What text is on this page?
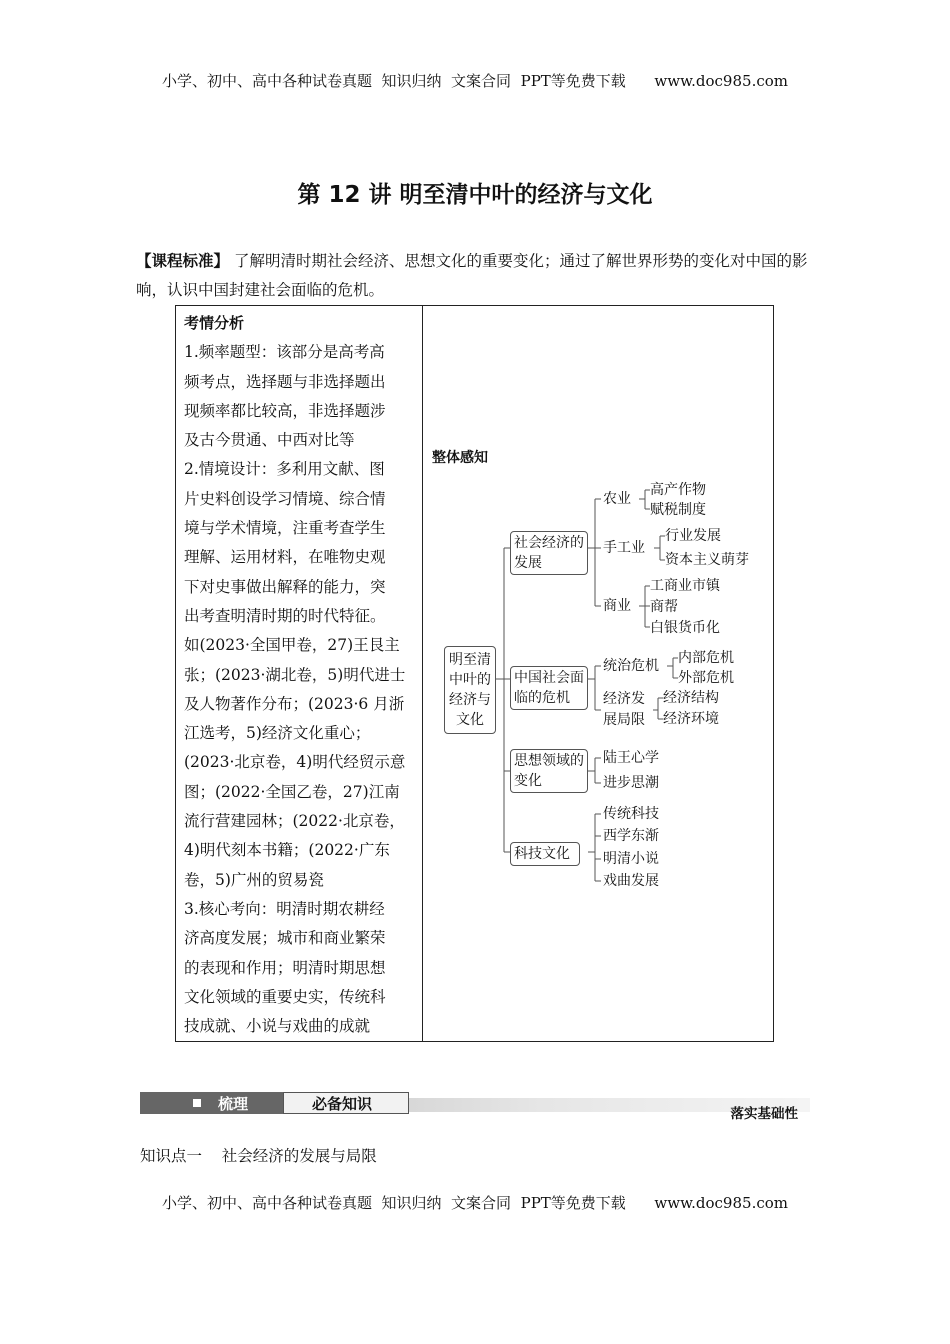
小学、初中、高中各种试卷真题  知识归纳  文案合同  PPT等免费下载      www.doc985.com
第 12 讲 明至清中叶的经济与文化
【课程标准】 了解明清时期社会经济、思想文化的重要变化；通过了解世界形势的变化对中国的影响，认识中国封建社会面临的危机。

考情分析

1.频率题型：该部分是高考高

频考点，选择题与非选择题出

现频率都比较高，非选择题涉

及古今贯通、中西对比等

2.情境设计：多利用文献、图

片史料创设学习情境、综合情

境与学术情境，注重考查学生

理解、运用材料，在唯物史观

下对史事做出解释的能力，突

出考查明清时期的时代特征。

如(2023·全国甲卷，27)王艮主

张；(2023·湖北卷，5)明代进士

及人物著作分布；(2023·6 月浙

江选考，5)经济文化重心；

(2023·北京卷，4)明代经贸示意

图；(2022·全国乙卷，27)江南

流行营建园林；(2022·北京卷，

4)明代刻本书籍；(2022·广东

卷，5)广州的贸易瓷

3.核心考向：明清时期农耕经

济高度发展；城市和商业繁荣

的表现和作用；明清时期思想

文化领域的重要史实，传统科

技成就、小说与戏曲的成就

整体感知
明至清
中叶的
经济与
文化
社会经济的
发展
中国社会面
临的危机
思想领域的
变化
科技文化
农业
手工业
商业
高产作物
赋税制度
行业发展
资本主义萌芽
工商业市镇
商帮
白银货币化
统治危机
经济发
展局限
内部危机
外部危机
经济结构
经济环境
陆王心学
进步思潮
传统科技
西学东渐
明清小说
戏曲发展
梳理	必备知识
落实基础性
知识点一    社会经济的发展与局限
小学、初中、高中各种试卷真题  知识归纳  文案合同  PPT等免费下载      www.doc985.com
